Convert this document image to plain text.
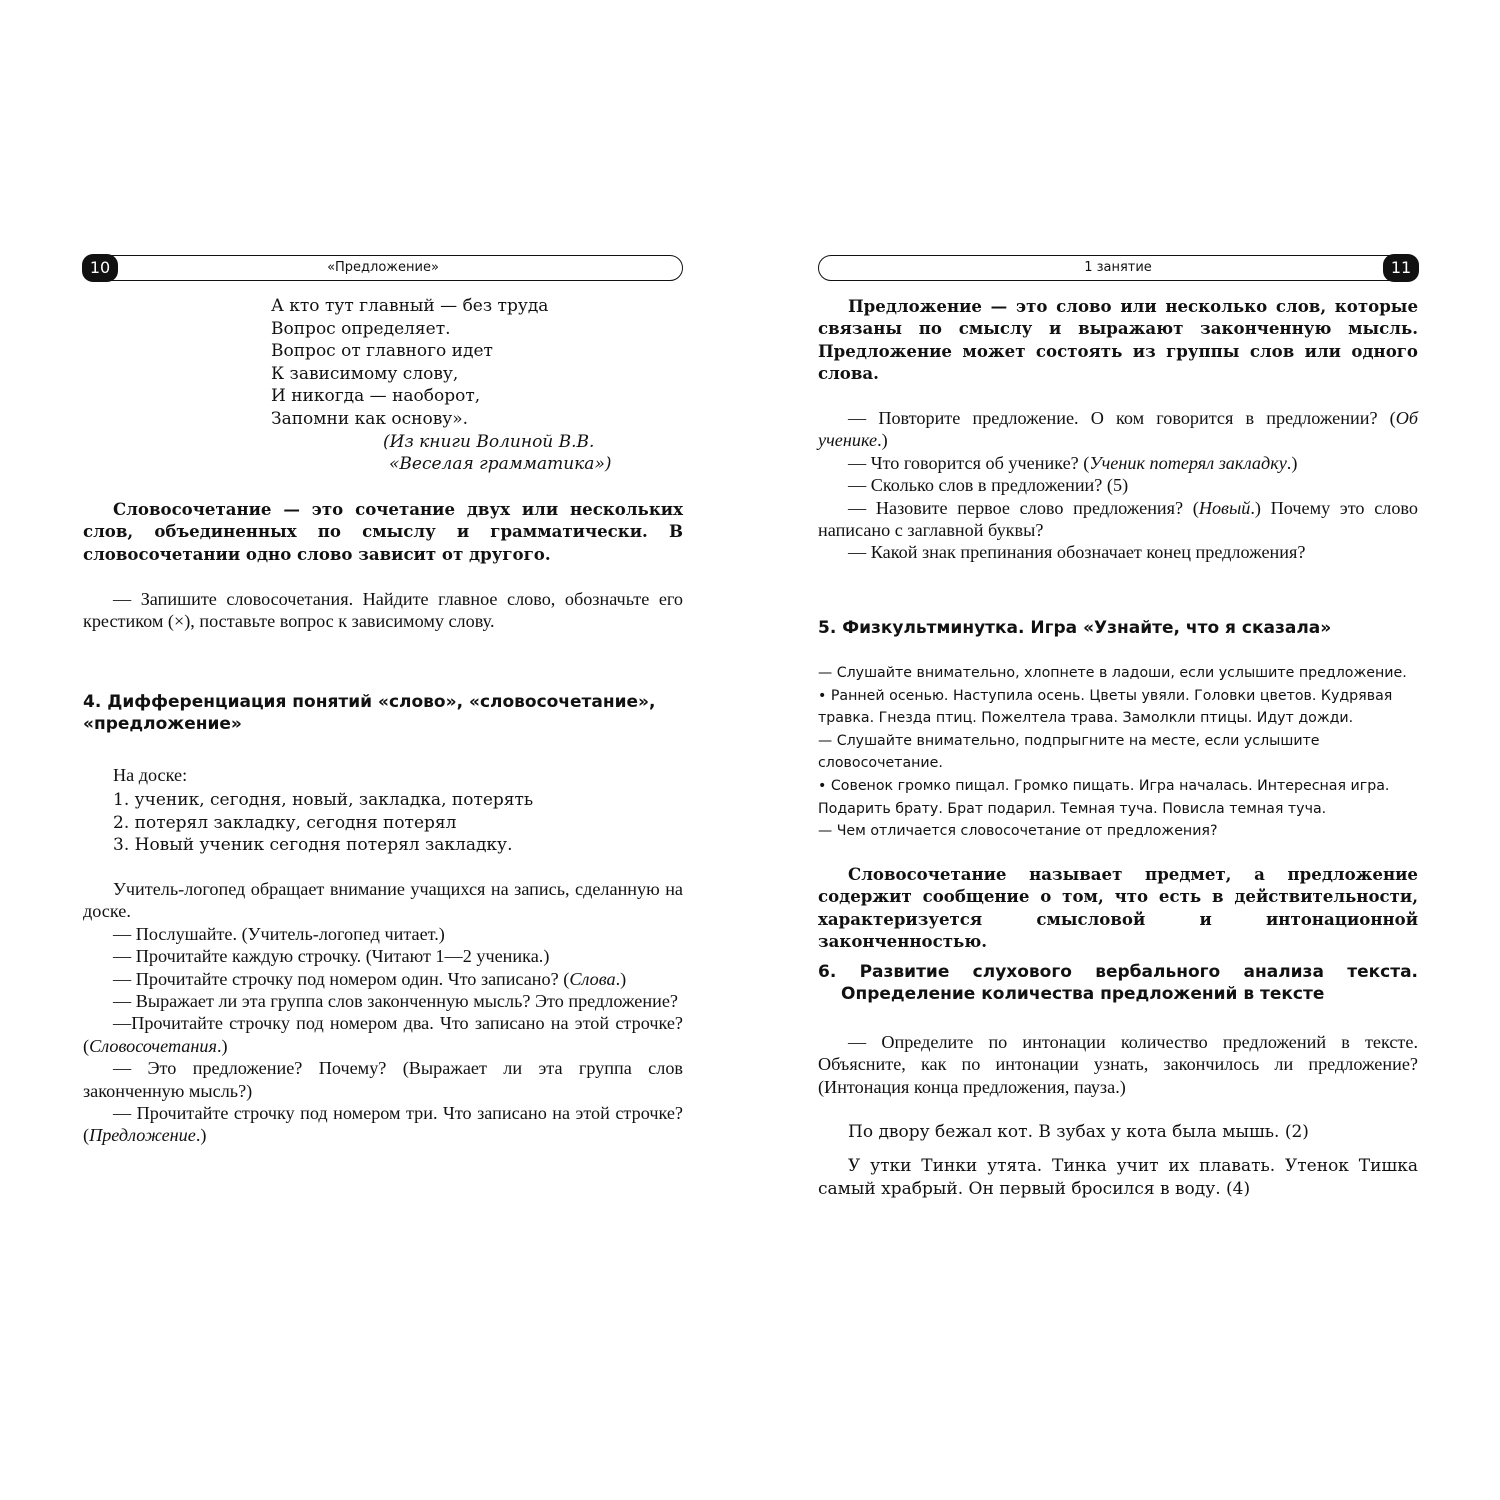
10	«Предложение»
А кто тут главный — без труда
Вопрос определяет.
Вопрос от главного идет
К зависимому слову,
И никогда — наоборот,
Запомни как основу».
(Из книги Волиной В.В.
«Веселая грамматика»)

Словосочетание — это сочетание двух или нескольких слов, объединенных по смыслу и грамматически. В словосочетании одно слово зависит от другого.

— Запишите словосочетания. Найдите главное слово, обозначьте его крестиком (×), поставьте вопрос к зависимому слову.

4. Дифференциация понятий «слово», «словосочетание», «предложение»
На доске:
1. ученик, сегодня, новый, закладка, потерять
2. потерял закладку, сегодня потерял
3. Новый ученик сегодня потерял закладку.

Учитель-логопед обращает внимание учащихся на запись, сделанную на доске.

— Послушайте. (Учитель-логопед читает.)

— Прочитайте каждую строчку. (Читают 1—2 ученика.)

— Прочитайте строчку под номером один. Что записано? (Слова.)

— Выражает ли эта группа слов законченную мысль? Это предложение?

—Прочитайте строчку под номером два. Что записано на этой строчке? (Словосочетания.)

— Это предложение? Почему? (Выражает ли эта группа слов законченную мысль?)

— Прочитайте строчку под номером три. Что записано на этой строчке? (Предложение.)

1 занятие	11

Предложение — это слово или несколько слов, которые связаны по смыслу и выражают законченную мысль. Предложение может состоять из группы слов или одного слова.

— Повторите предложение. О ком говорится в предложении? (Об ученике.)

— Что говорится об ученике? (Ученик потерял закладку.)

— Сколько слов в предложении? (5)

— Назовите первое слово предложения? (Новый.) Почему это слово написано с заглавной буквы?

— Какой знак препинания обозначает конец предложения?

5. Физкультминутка. Игра «Узнайте, что я сказала»
— Слушайте внимательно, хлопнете в ладоши, если услышите предложение.
• Ранней осенью. Наступила осень. Цветы увяли. Головки цветов. Кудрявая травка. Гнезда птиц. Пожелтела трава. Замолкли птицы. Идут дожди.
— Слушайте внимательно, подпрыгните на месте, если услышите словосочетание.
• Совенок громко пищал. Громко пищать. Игра началась. Интересная игра. Подарить брату. Брат подарил. Темная туча. Повисла темная туча.
— Чем отличается словосочетание от предложения?

Словосочетание называет предмет, а предложение содержит сообщение о том, что есть в действительности, характеризуется смысловой и интонационной законченностью.

6. Развитие слухового вербального анализа текста. Определение количества предложений в тексте

— Определите по интонации количество предложений в тексте. Объясните, как по интонации узнать, закончилось ли предложение? (Интонация конца предложения, пауза.)

По двору бежал кот. В зубах у кота была мышь. (2)

У утки Тинки утята. Тинка учит их плавать. Утенок Тишка самый храбрый. Он первый бросился в воду. (4)
